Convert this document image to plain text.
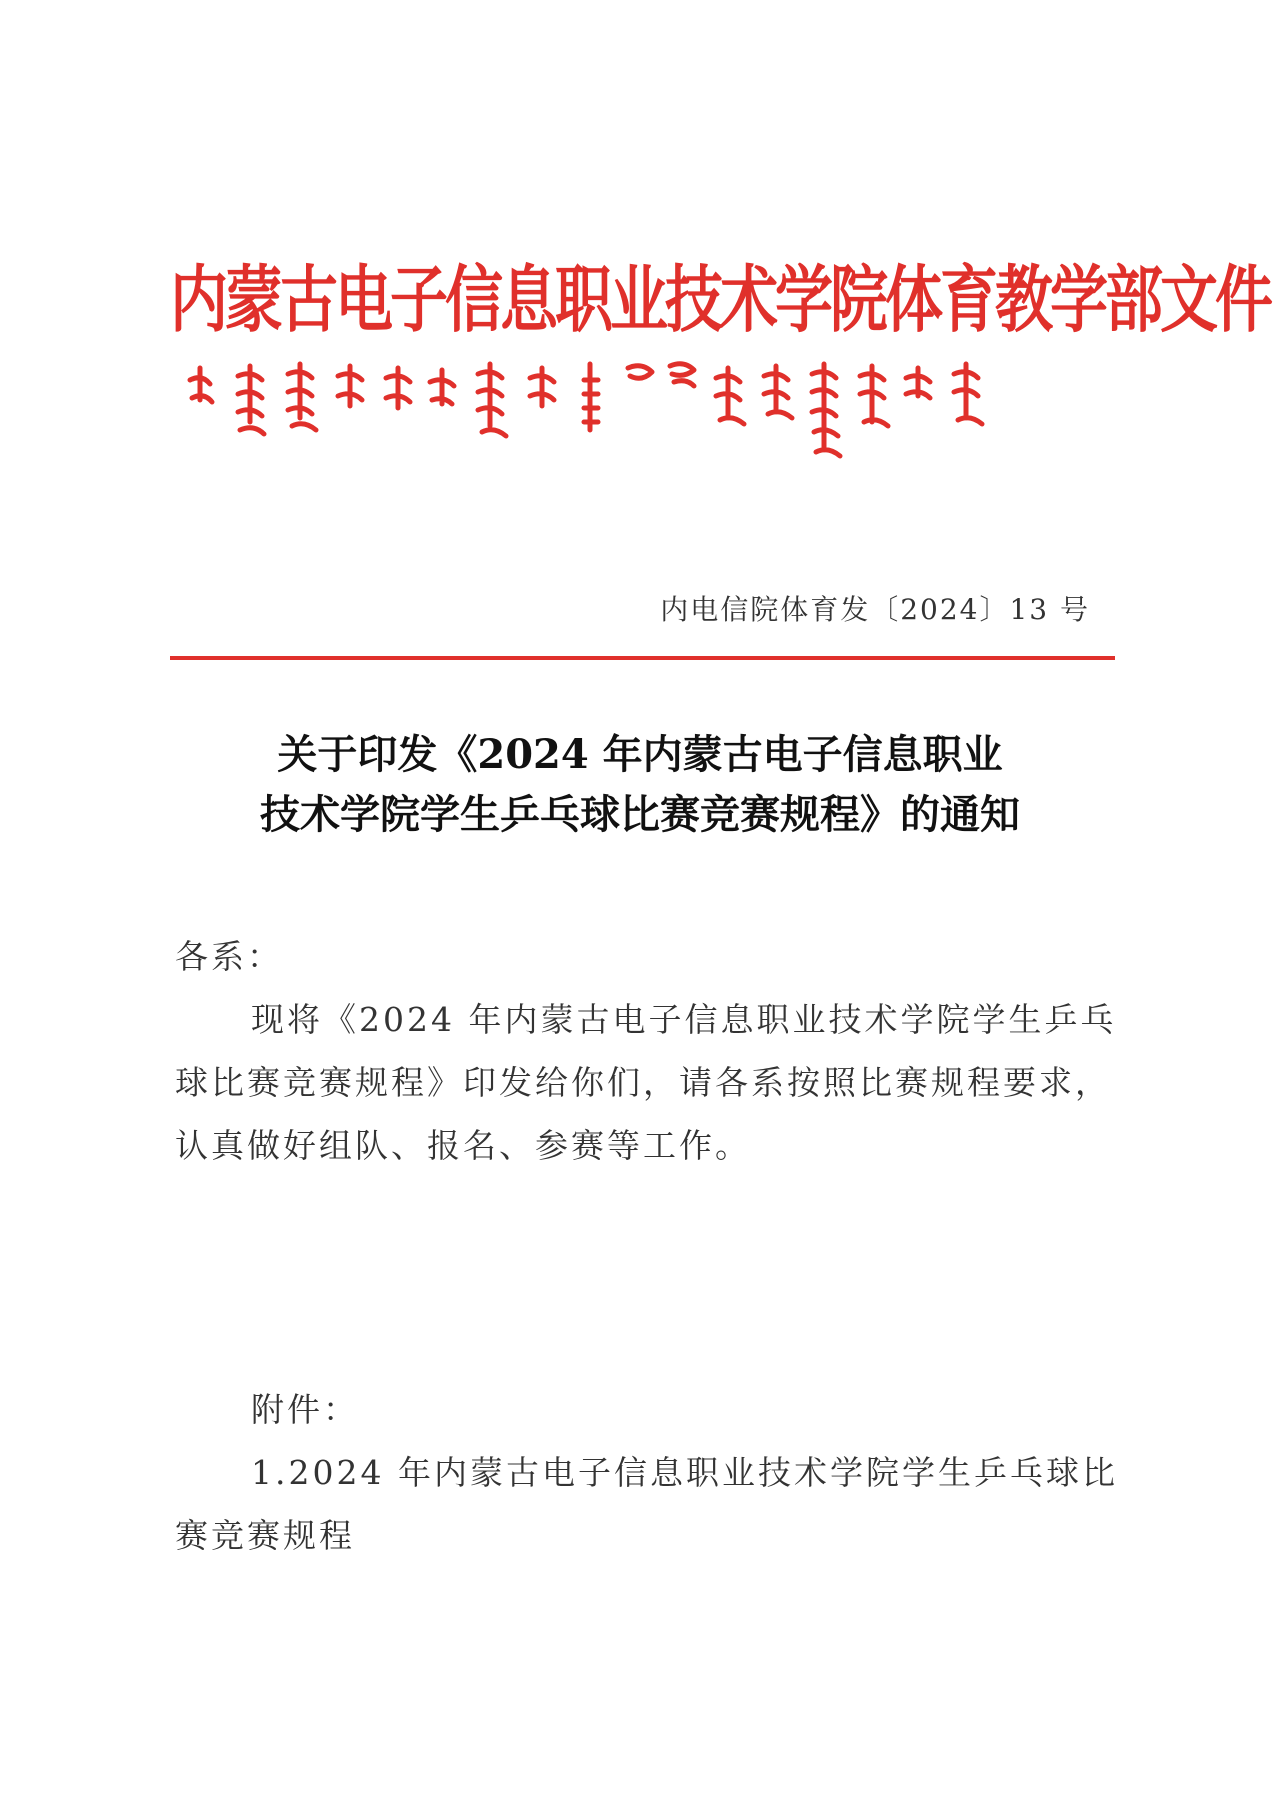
内蒙古电子信息职业技术学院体育教学部文件
内电信院体育发〔2024〕13 号
关于印发《2024 年内蒙古电子信息职业
技术学院学生乒乓球比赛竞赛规程》的通知
各系：
现将《2024 年内蒙古电子信息职业技术学院学生乒乓球比赛竞赛规程》印发给你们，请各系按照比赛规程要求，认真做好组队、报名、参赛等工作。
附件：
1.2024 年内蒙古电子信息职业技术学院学生乒乓球比赛竞赛规程
